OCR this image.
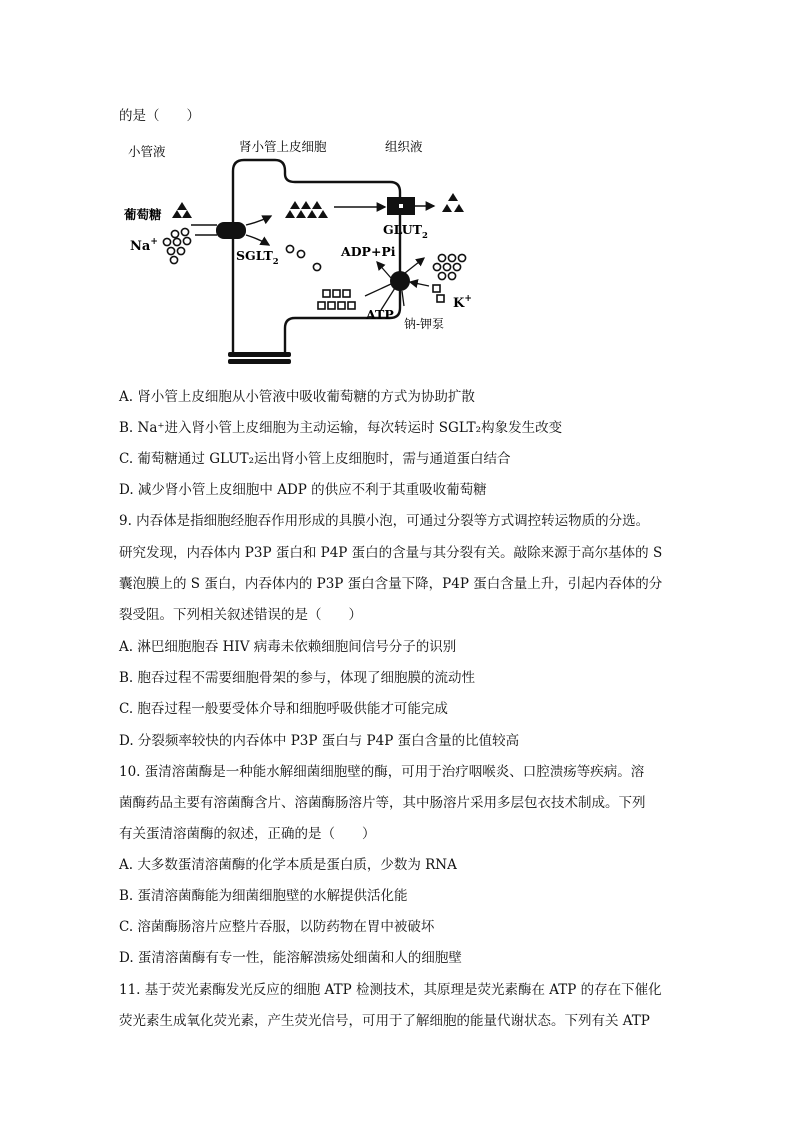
的是（　　）
小管液	肾小管上皮细胞	组织液
葡萄糖
Na+
$SGLT_2$
$GLUT_2$
ADP+Pi
ATP
K+
钠-钾泵
A. 肾小管上皮细胞从小管液中吸收葡萄糖的方式为协助扩散
B. Na⁺进入肾小管上皮细胞为主动运输，每次转运时 SGLT₂构象发生改变
C. 葡萄糖通过 GLUT₂运出肾小管上皮细胞时，需与通道蛋白结合
D. 减少肾小管上皮细胞中 ADP 的供应不利于其重吸收葡萄糖
9. 内吞体是指细胞经胞吞作用形成的具膜小泡，可通过分裂等方式调控转运物质的分选。
研究发现，内吞体内 P3P 蛋白和 P4P 蛋白的含量与其分裂有关。敲除来源于高尔基体的 S
囊泡膜上的 S 蛋白，内吞体内的 P3P 蛋白含量下降，P4P 蛋白含量上升，引起内吞体的分
裂受阻。下列相关叙述错误的是（　　）
A. 淋巴细胞胞吞 HIV 病毒未依赖细胞间信号分子的识别
B. 胞吞过程不需要细胞骨架的参与，体现了细胞膜的流动性
C. 胞吞过程一般要受体介导和细胞呼吸供能才可能完成
D. 分裂频率较快的内吞体中 P3P 蛋白与 P4P 蛋白含量的比值较高
10. 蛋清溶菌酶是一种能水解细菌细胞壁的酶，可用于治疗咽喉炎、口腔溃疡等疾病。溶
菌酶药品主要有溶菌酶含片、溶菌酶肠溶片等，其中肠溶片采用多层包衣技术制成。下列
有关蛋清溶菌酶的叙述，正确的是（　　）
A. 大多数蛋清溶菌酶的化学本质是蛋白质，少数为 RNA
B. 蛋清溶菌酶能为细菌细胞壁的水解提供活化能
C. 溶菌酶肠溶片应整片吞服，以防药物在胃中被破坏
D. 蛋清溶菌酶有专一性，能溶解溃疡处细菌和人的细胞壁
11. 基于荧光素酶发光反应的细胞 ATP 检测技术，其原理是荧光素酶在 ATP 的存在下催化
荧光素生成氧化荧光素，产生荧光信号，可用于了解细胞的能量代谢状态。下列有关 ATP
